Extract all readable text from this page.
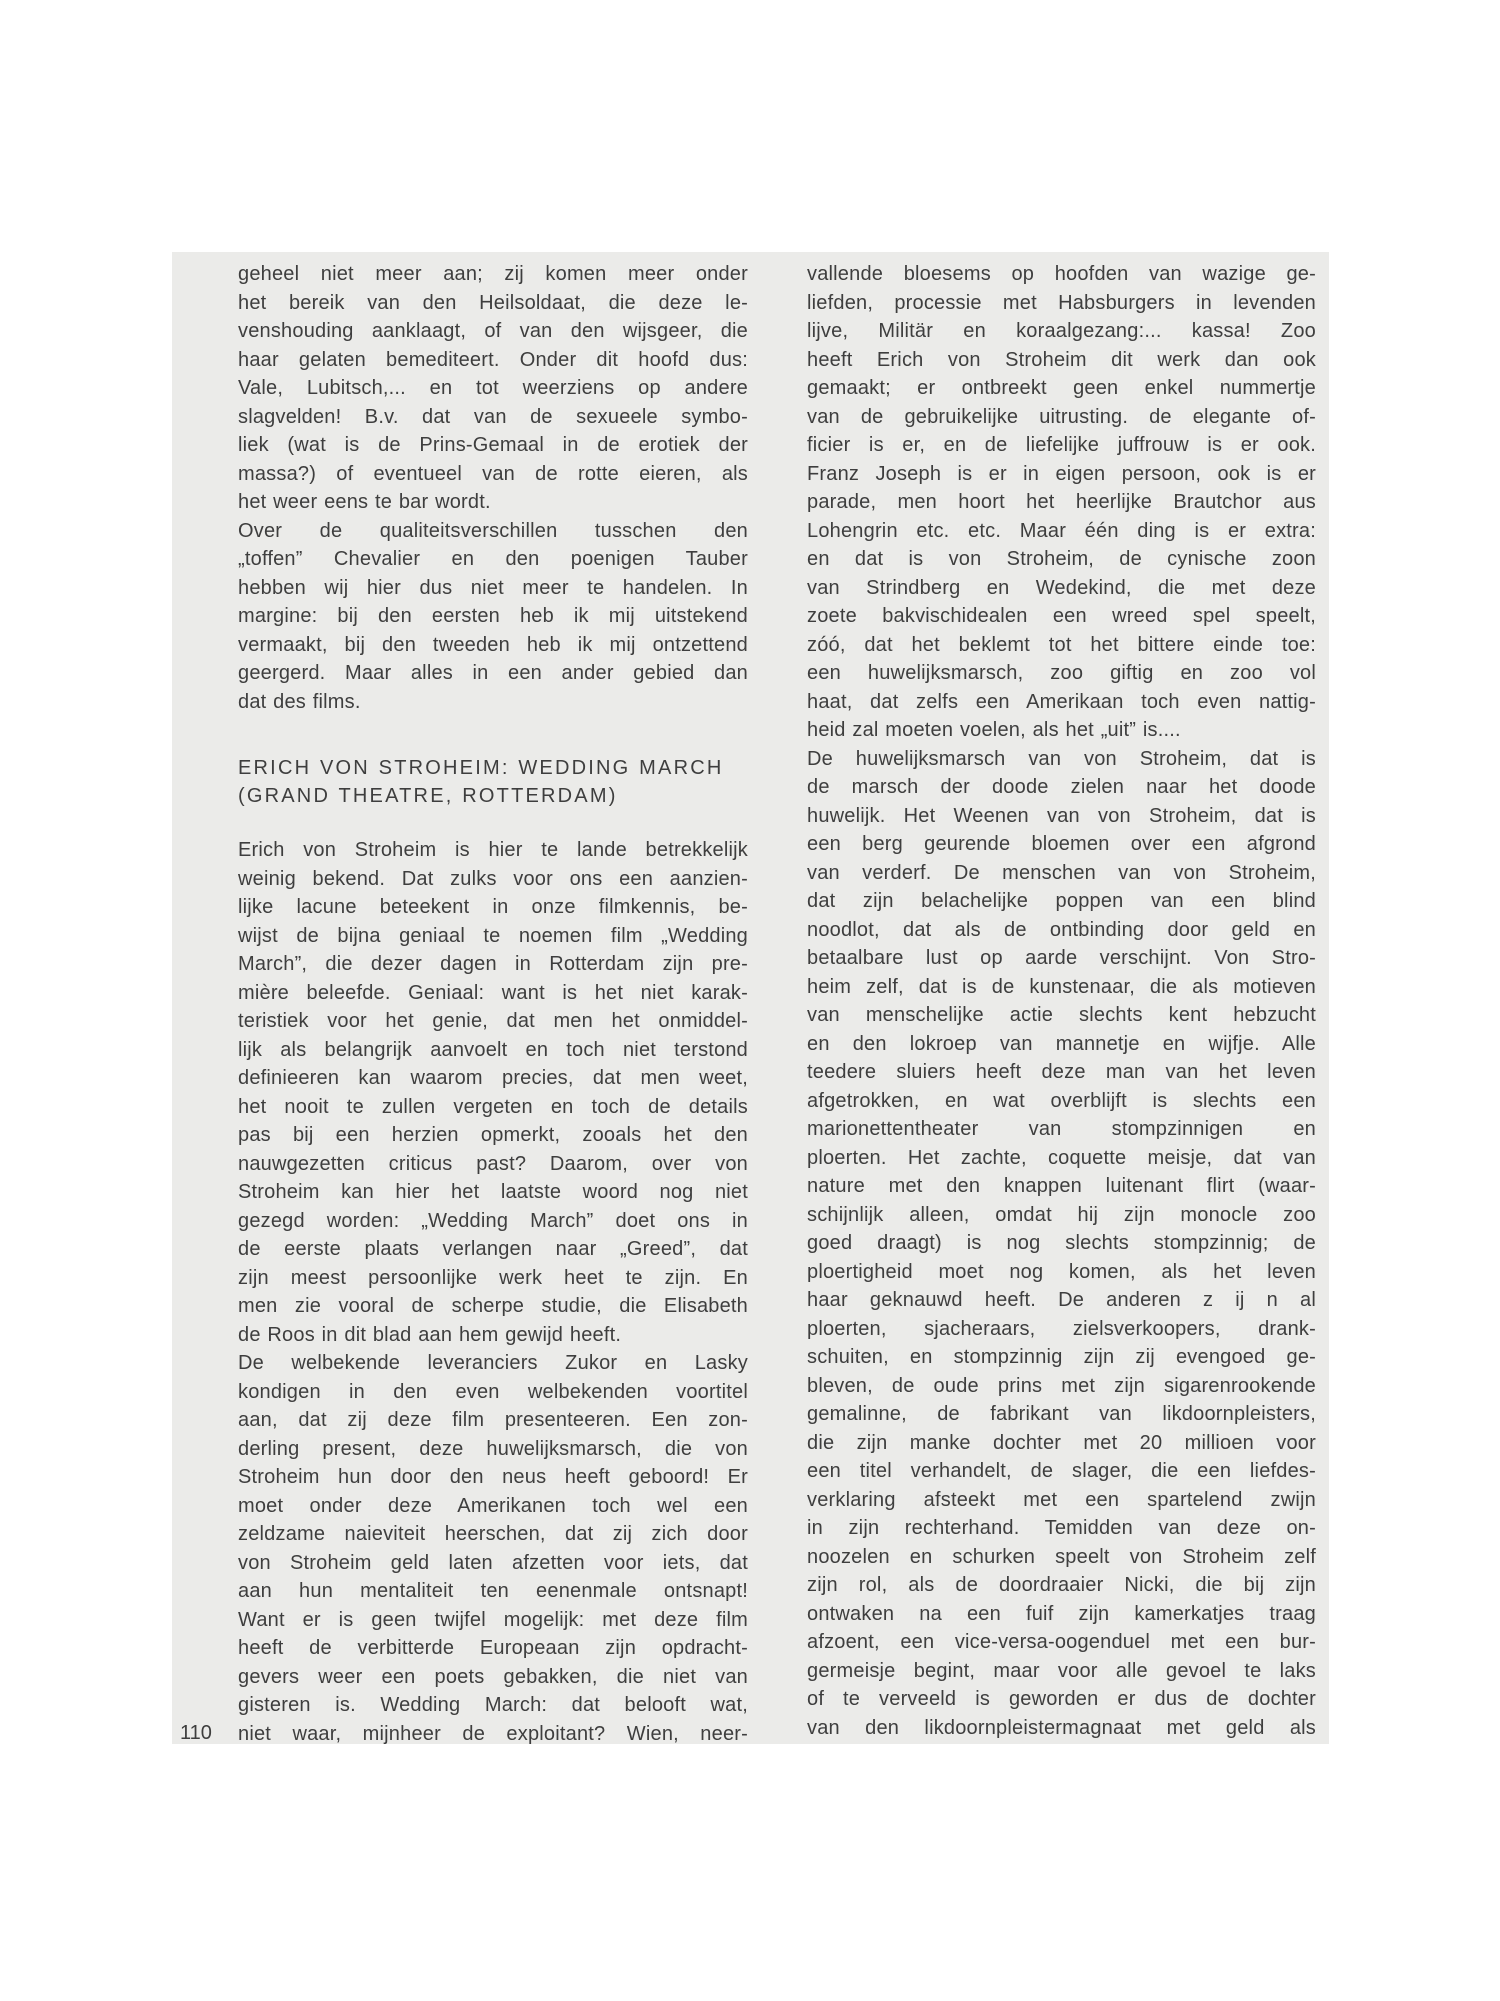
geheel niet meer aan; zij komen meer onder
het bereik van den Heilsoldaat, die deze le-
venshouding aanklaagt, of van den wijsgeer, die
haar gelaten bemediteert. Onder dit hoofd dus:
Vale, Lubitsch,... en tot weerziens op andere
slagvelden! B.v. dat van de sexueele symbo-
liek (wat is de Prins-Gemaal in de erotiek der
massa?) of eventueel van de rotte eieren, als
het weer eens te bar wordt.
Over de qualiteitsverschillen tusschen den
„toffen” Chevalier en den poenigen Tauber
hebben wij hier dus niet meer te handelen. In
margine: bij den eersten heb ik mij uitstekend
vermaakt, bij den tweeden heb ik mij ontzettend
geergerd. Maar alles in een ander gebied dan
dat des films.
ERICH VON STROHEIM: WEDDING MARCH
(GRAND THEATRE, ROTTERDAM)
Erich von Stroheim is hier te lande betrekkelijk
weinig bekend. Dat zulks voor ons een aanzien-
lijke lacune beteekent in onze filmkennis, be-
wijst de bijna geniaal te noemen film „Wedding
March”, die dezer dagen in Rotterdam zijn pre-
mière beleefde. Geniaal: want is het niet karak-
teristiek voor het genie, dat men het onmiddel-
lijk als belangrijk aanvoelt en toch niet terstond
definieeren kan waarom precies, dat men weet,
het nooit te zullen vergeten en toch de details
pas bij een herzien opmerkt, zooals het den
nauwgezetten criticus past? Daarom, over von
Stroheim kan hier het laatste woord nog niet
gezegd worden: „Wedding March” doet ons in
de eerste plaats verlangen naar „Greed”, dat
zijn meest persoonlijke werk heet te zijn. En
men zie vooral de scherpe studie, die Elisabeth
de Roos in dit blad aan hem gewijd heeft.
De welbekende leveranciers Zukor en Lasky
kondigen in den even welbekenden voortitel
aan, dat zij deze film presenteeren. Een zon-
derling present, deze huwelijksmarsch, die von
Stroheim hun door den neus heeft geboord! Er
moet onder deze Amerikanen toch wel een
zeldzame naieviteit heerschen, dat zij zich door
von Stroheim geld laten afzetten voor iets, dat
aan hun mentaliteit ten eenenmale ontsnapt!
Want er is geen twijfel mogelijk: met deze film
heeft de verbitterde Europeaan zijn opdracht-
gevers weer een poets gebakken, die niet van
gisteren is. Wedding March: dat belooft wat,
niet waar, mijnheer de exploitant? Wien, neer-
vallende bloesems op hoofden van wazige ge-
liefden, processie met Habsburgers in levenden
lijve, Militär en koraalgezang:... kassa! Zoo
heeft Erich von Stroheim dit werk dan ook
gemaakt; er ontbreekt geen enkel nummertje
van de gebruikelijke uitrusting. de elegante of-
ficier is er, en de liefelijke juffrouw is er ook.
Franz Joseph is er in eigen persoon, ook is er
parade, men hoort het heerlijke Brautchor aus
Lohengrin etc. etc. Maar één ding is er extra:
en dat is von Stroheim, de cynische zoon
van Strindberg en Wedekind, die met deze
zoete bakvischidealen een wreed spel speelt,
zóó, dat het beklemt tot het bittere einde toe:
een huwelijksmarsch, zoo giftig en zoo vol
haat, dat zelfs een Amerikaan toch even nattig-
heid zal moeten voelen, als het „uit” is....
De huwelijksmarsch van von Stroheim, dat is
de marsch der doode zielen naar het doode
huwelijk. Het Weenen van von Stroheim, dat is
een berg geurende bloemen over een afgrond
van verderf. De menschen van von Stroheim,
dat zijn belachelijke poppen van een blind
noodlot, dat als de ontbinding door geld en
betaalbare lust op aarde verschijnt. Von Stro-
heim zelf, dat is de kunstenaar, die als motieven
van menschelijke actie slechts kent hebzucht
en den lokroep van mannetje en wijfje. Alle
teedere sluiers heeft deze man van het leven
afgetrokken, en wat overblijft is slechts een
marionettentheater van stompzinnigen en
ploerten. Het zachte, coquette meisje, dat van
nature met den knappen luitenant flirt (waar-
schijnlijk alleen, omdat hij zijn monocle zoo
goed draagt) is nog slechts stompzinnig; de
ploertigheid moet nog komen, als het leven
haar geknauwd heeft. De anderen z ij n al
ploerten, sjacheraars, zielsverkoopers, drank-
schuiten, en stompzinnig zijn zij evengoed ge-
bleven, de oude prins met zijn sigarenrookende
gemalinne, de fabrikant van likdoornpleisters,
die zijn manke dochter met 20 millioen voor
een titel verhandelt, de slager, die een liefdes-
verklaring afsteekt met een spartelend zwijn
in zijn rechterhand. Temidden van deze on-
noozelen en schurken speelt von Stroheim zelf
zijn rol, als de doordraaier Nicki, die bij zijn
ontwaken na een fuif zijn kamerkatjes traag
afzoent, een vice-versa-oogenduel met een bur-
germeisje begint, maar voor alle gevoel te laks
of te verveeld is geworden er dus de dochter
van den likdoornpleistermagnaat met geld als
110
